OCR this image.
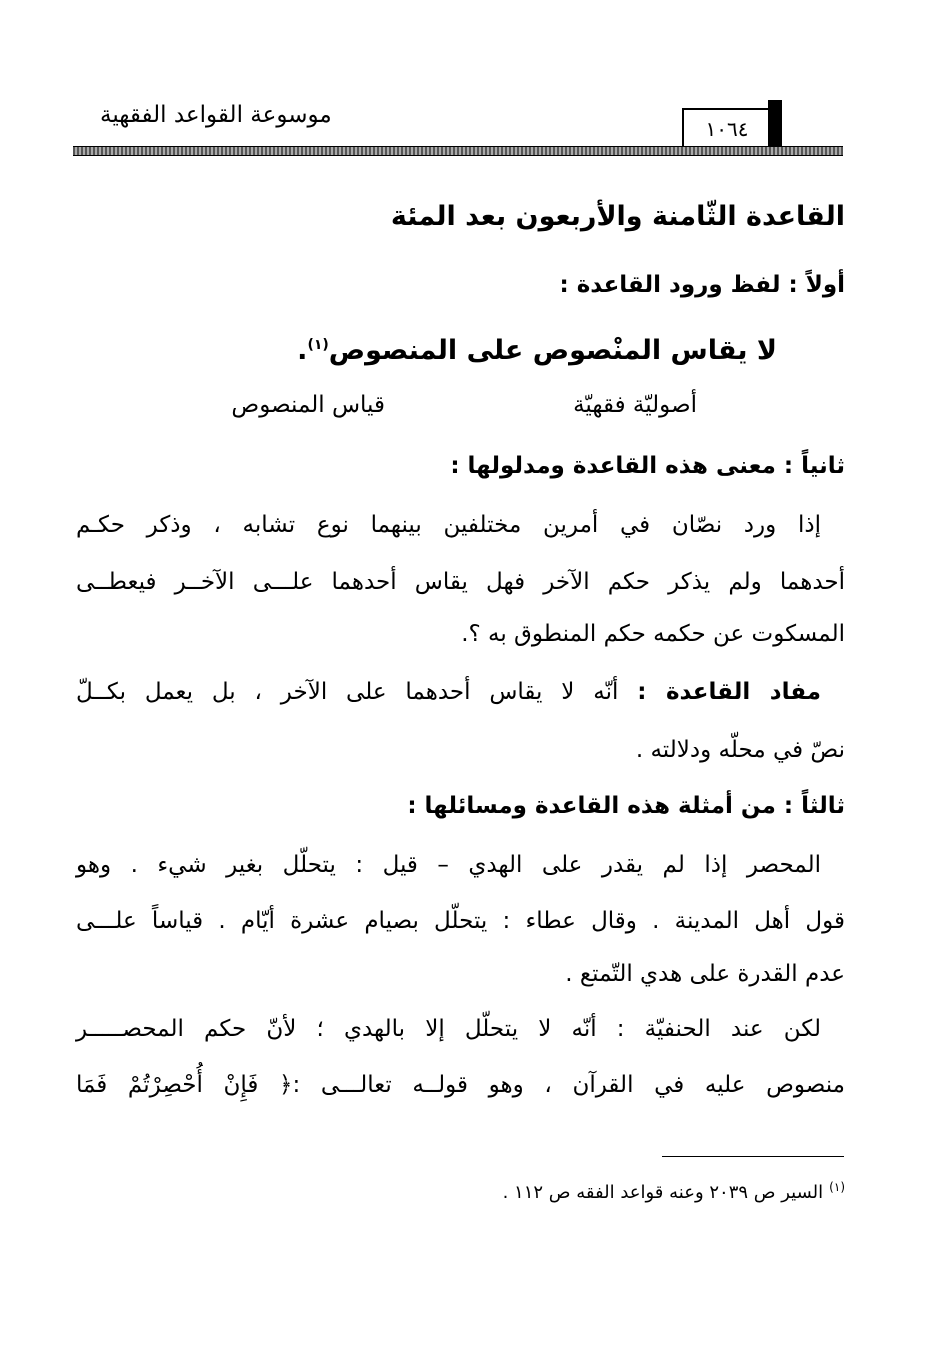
موسوعة القواعد الفقهية
١٠٦٤
القاعدة الثّامنة والأربعون بعد المئة
أولاً : لفظ ورود القاعدة :
لا يقاس المنْصوص على المنصوص$^{(١)}$.
أصوليّة فقهيّة
قياس المنصوص
ثانياً : معنى هذه القاعدة ومدلولها :
إذا ورد نصّان في أمرين مختلفين بينهما نوع تشابه ، وذكر حكـم
أحدهما ولم يذكر حكم الآخر فهل يقاس أحدهما علـــى الآخــر فيعطــى
المسكوت عن حكمه حكم المنطوق به ؟.
مفاد القاعدة : أنّه لا يقاس أحدهما على الآخر ، بل يعمل بكــلّ
نصّ في محلّه ودلالته .
ثالثاً : من أمثلة هذه القاعدة ومسائلها :
المحصر إذا لم يقدر على الهدي – قيل : يتحلّل بغير شيء . وهو
قول أهل المدينة . وقال عطاء : يتحلّل بصيام عشرة أيّام . قياساً علـــى
عدم القدرة على هدي التّمتع .
لكن عند الحنفيّة : أنّه لا يتحلّل إلا بالهدي ؛ لأنّ حكم المحصـــــر
منصوص عليه في القرآن ، وهو قولــه تعالـــى :﴿ فَإِنْ أُحْصِرْتُمْ فَمَا
$^{(١)}$السير ص ٢٠٣٩ وعنه قواعد الفقه ص ١١٢ .
